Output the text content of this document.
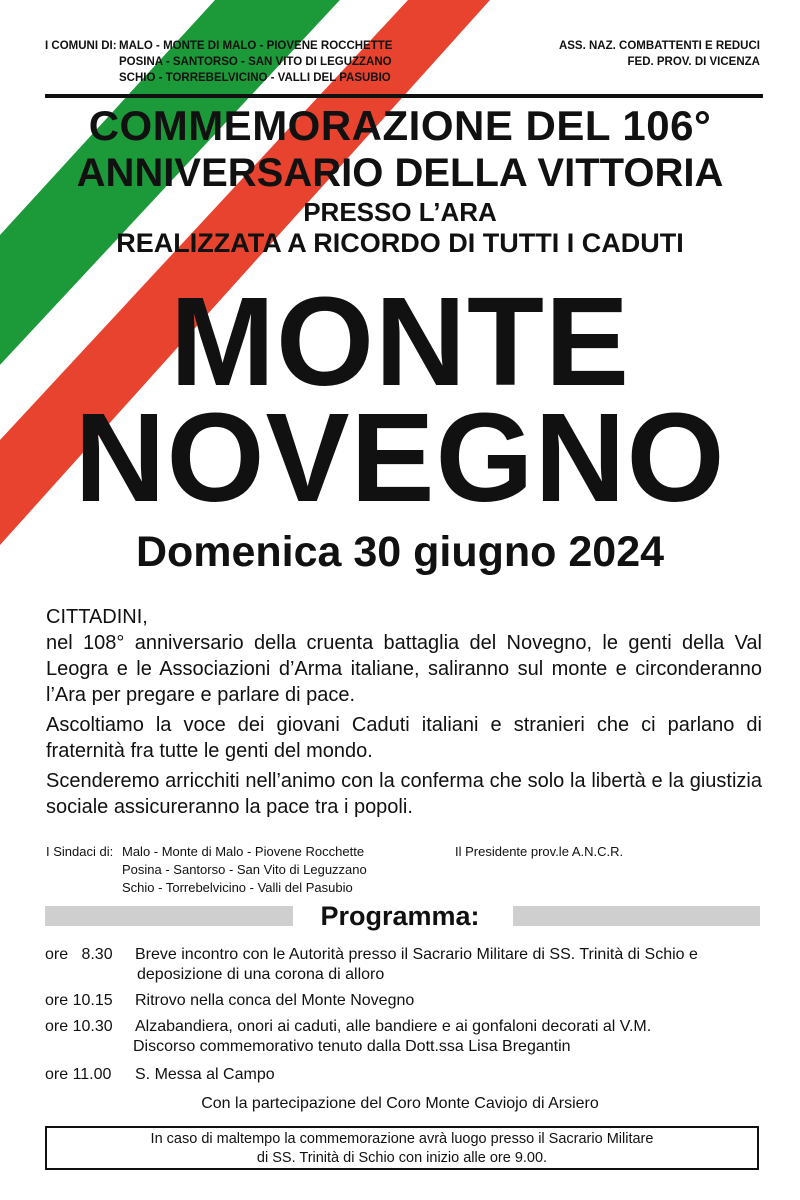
I COMUNI DI: MALO - MONTE DI MALO - PIOVENE ROCCHETTE
POSINA - SANTORSO - SAN VITO DI LEGUZZANO
SCHIO - TORREBELVICINO - VALLI DEL PASUBIO
ASS. NAZ. COMBATTENTI E REDUCI
FED. PROV. DI VICENZA
COMMEMORAZIONE DEL 106°
ANNIVERSARIO DELLA VITTORIA
PRESSO L’ARA
REALIZZATA A RICORDO DI TUTTI I CADUTI
MONTE
NOVEGNO
Domenica 30 giugno 2024
CITTADINI,
nel 108° anniversario della cruenta battaglia del Novegno, le genti della Val Leogra e le Associazioni d’Arma italiane, saliranno sul monte e circonderanno l’Ara per pregare e parlare di pace.
Ascoltiamo la voce dei giovani Caduti italiani e stranieri che ci parlano di fraternità fra tutte le genti del mondo.
Scenderemo arricchiti nell’animo con la conferma che solo la libertà e la giustizia sociale assicureranno la pace tra i popoli.
I Sindaci di: Malo - Monte di Malo - Piovene Rocchette
Posina - Santorso - San Vito di Leguzzano
Schio - Torrebelvicino - Valli del Pasubio
Il Presidente prov.le A.N.C.R.
Programma:
ore   8.30 Breve incontro con le Autorità presso il Sacrario Militare di SS. Trinità di Schio e
deposizione di una corona di alloro
ore 10.15 Ritrovo nella conca del Monte Novegno
ore 10.30 Alzabandiera, onori ai caduti, alle bandiere e ai gonfaloni decorati al V.M.
Discorso commemorativo tenuto dalla Dott.ssa Lisa Bregantin
ore 11.00 S. Messa al Campo
Con la partecipazione del Coro Monte Caviojo di Arsiero
In caso di maltempo la commemorazione avrà luogo presso il Sacrario Militare
di SS. Trinità di Schio con inizio alle ore 9.00.
